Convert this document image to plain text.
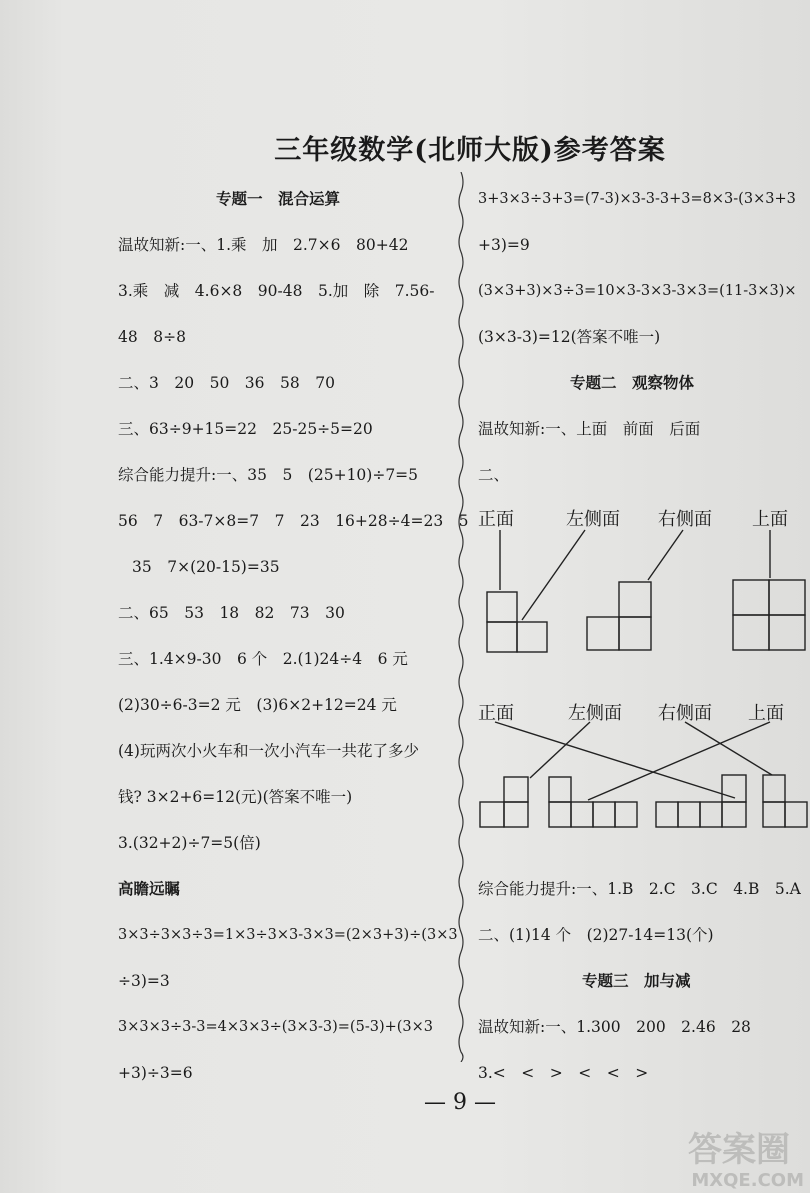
三年级数学(北师大版)参考答案
专题一　混合运算
温故知新:一、1.乘　加　2.7×6　80+42
3.乘　减　4.6×8　90-48　5.加　除　7.56-
48　8÷8
二、3　20　50　36　58　70
三、63÷9+15=22　25-25÷5=20
综合能力提升:一、35　5　(25+10)÷7=5
56　7　63-7×8=7　7　23　16+28÷4=23　5
35　7×(20-15)=35
二、65　53　18　82　73　30
三、1.4×9-30　6 个　2.(1)24÷4　6 元
(2)30÷6-3=2 元　(3)6×2+12=24 元
(4)玩两次小火车和一次小汽车一共花了多少
钱? 3×2+6=12(元)(答案不唯一)
3.(32+2)÷7=5(倍)
高瞻远瞩
3×3÷3×3÷3=1×3÷3×3-3×3=(2×3+3)÷(3×3
÷3)=3
3×3×3÷3-3=4×3×3÷(3×3-3)=(5-3)+(3×3
+3)÷3=6
3+3×3÷3+3=(7-3)×3-3-3+3=8×3-(3×3+3
+3)=9
(3×3+3)×3÷3=10×3-3×3-3×3=(11-3×3)×
(3×3-3)=12(答案不唯一)
专题二　观察物体
温故知新:一、上面　前面　后面
二、
正面	左侧面 右侧面 上面
正面	左侧面 右侧面 上面
综合能力提升:一、1.B　2.C　3.C　4.B　5.A
二、(1)14 个　(2)27-14=13(个)
专题三　加与减
温故知新:一、1.300　200　2.46　28
3.<　<　>　<　<　>
— 9 —
答案圈
MXQE.COM
